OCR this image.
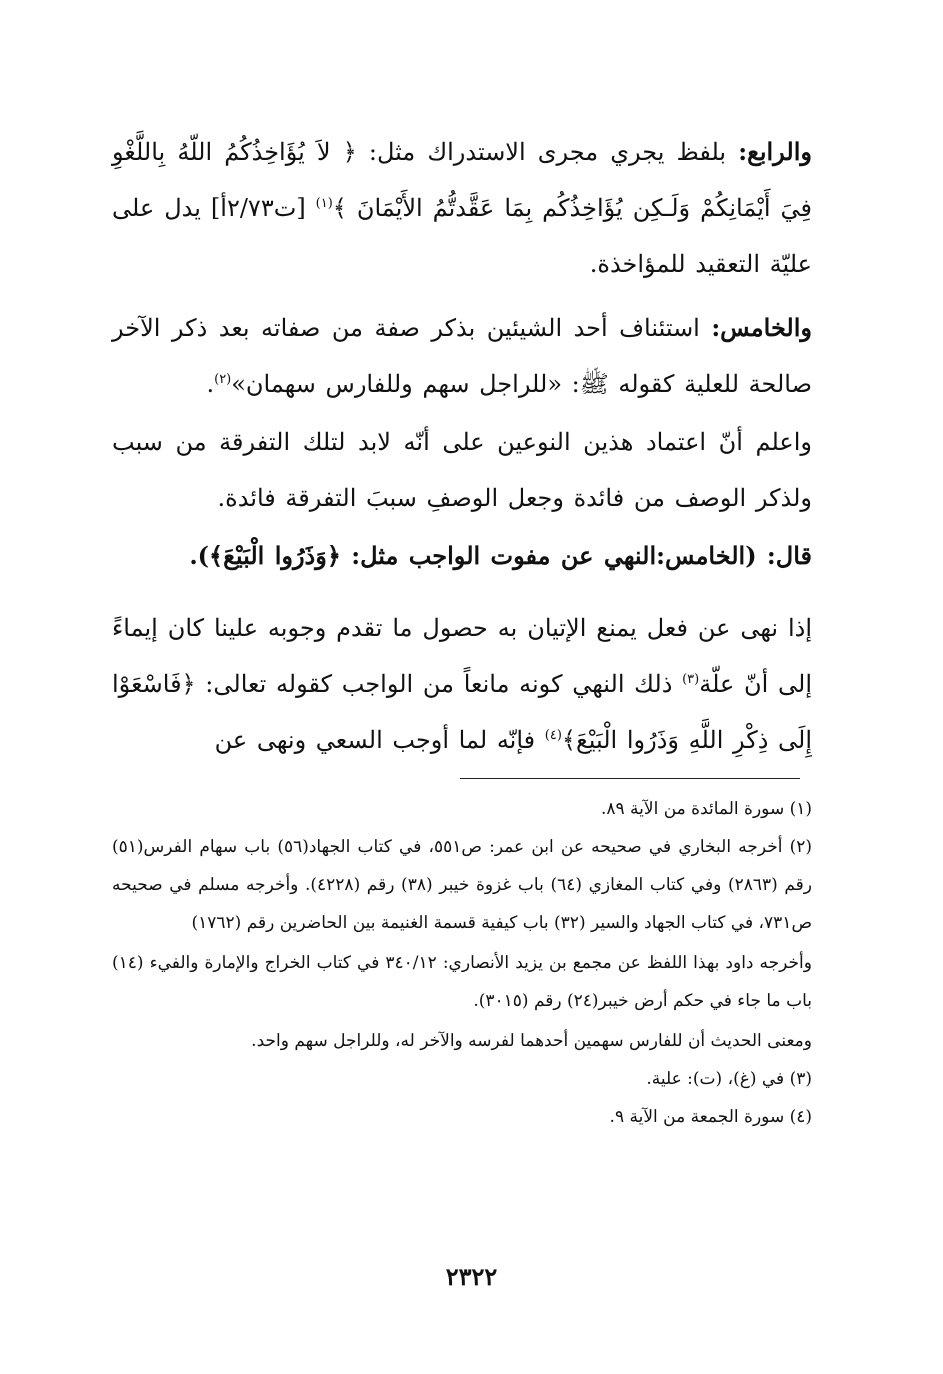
والرابع: بلفظ يجري مجرى الاستدراك مثل: ﴿ لاَ يُؤَاخِذُكُمُ اللّهُ بِاللَّغْوِ فِيَ أَيْمَانِكُمْ وَلَـكِن يُؤَاخِذُكُم بِمَا عَقَّدتُّمُ الأَيْمَانَ ﴾$^{(١)}$ [ت٢/٧٣أ] يدل على عليّة التعقيد للمؤاخذة.

والخامس: استئناف أحد الشيئين بذكر صفة من صفاته بعد ذكر الآخر صالحة للعلية كقوله ﷺ: «للراجل سهم وللفارس سهمان»$^{(٢)}$.

واعلم أنّ اعتماد هذين النوعين على أنّه لابد لتلك التفرقة من سبب ولذكر الوصف من فائدة وجعل الوصفِ سببَ التفرقة فائدة.

قال: (الخامس:النهي عن مفوت الواجب مثل: ﴿وَذَرُوا الْبَيْعَ﴾).

إذا نهى عن فعل يمنع الإتيان به حصول ما تقدم وجوبه علينا كان إيماءً إلى أنّ علّة$^{(٣)}$ ذلك النهي كونه مانعاً من الواجب كقوله تعالى: ﴿فَاسْعَوْا إِلَى ذِكْرِ اللَّهِ وَذَرُوا الْبَيْعَ﴾$^{(٤)}$ فإنّه لما أوجب السعي ونهى عن

(١) سورة المائدة من الآية ٨٩.

(٢) أخرجه البخاري في صحيحه عن ابن عمر: ص٥٥١، في كتاب الجهاد(٥٦) باب سهام الفرس(٥١) رقم (٢٨٦٣) وفي كتاب المغازي (٦٤) باب غزوة خيبر (٣٨) رقم (٤٢٢٨). وأخرجه مسلم في صحيحه ص٧٣١، في كتاب الجهاد والسير (٣٢) باب كيفية قسمة الغنيمة بين الحاضرين رقم (١٧٦٢)

وأخرجه داود بهذا اللفظ عن مجمع بن يزيد الأنصاري: ٣٤٠/١٢ في كتاب الخراج والإمارة والفيء (١٤) باب ما جاء في حكم أرض خيبر(٢٤) رقم (٣٠١٥).

ومعنى الحديث أن للفارس سهمين أحدهما لفرسه والآخر له، وللراجل سهم واحد.

(٣) في (غ)، (ت): علية.

(٤) سورة الجمعة من الآية ٩.

٢٣٢٢
